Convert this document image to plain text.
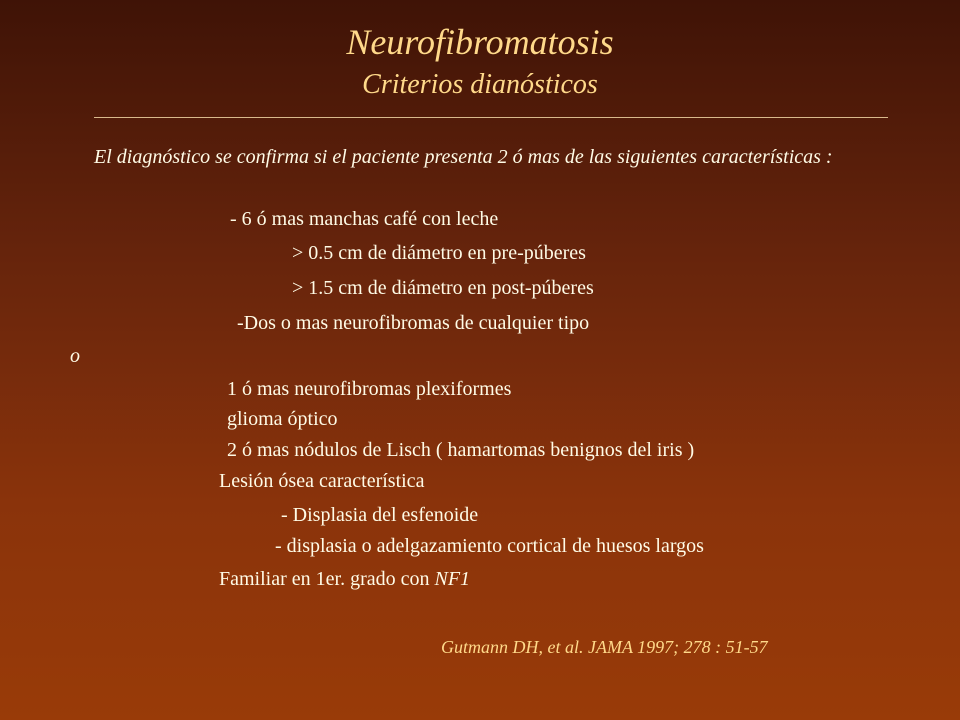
Neurofibromatosis
Criterios dianósticos
El diagnóstico se confirma si el paciente presenta 2 ó mas de las siguientes características :
- 6 ó mas manchas café con leche
> 0.5 cm de diámetro en pre-púberes
> 1.5 cm de diámetro en post-púberes
-Dos o mas neurofibromas de cualquier tipo
o
1 ó mas neurofibromas plexiformes
glioma óptico
2 ó mas nódulos de Lisch ( hamartomas benignos del iris )
Lesión ósea característica
- Displasia del esfenoide
- displasia o adelgazamiento cortical de huesos largos
Familiar en 1er. grado con NF1
Gutmann DH, et al. JAMA 1997; 278 : 51-57
